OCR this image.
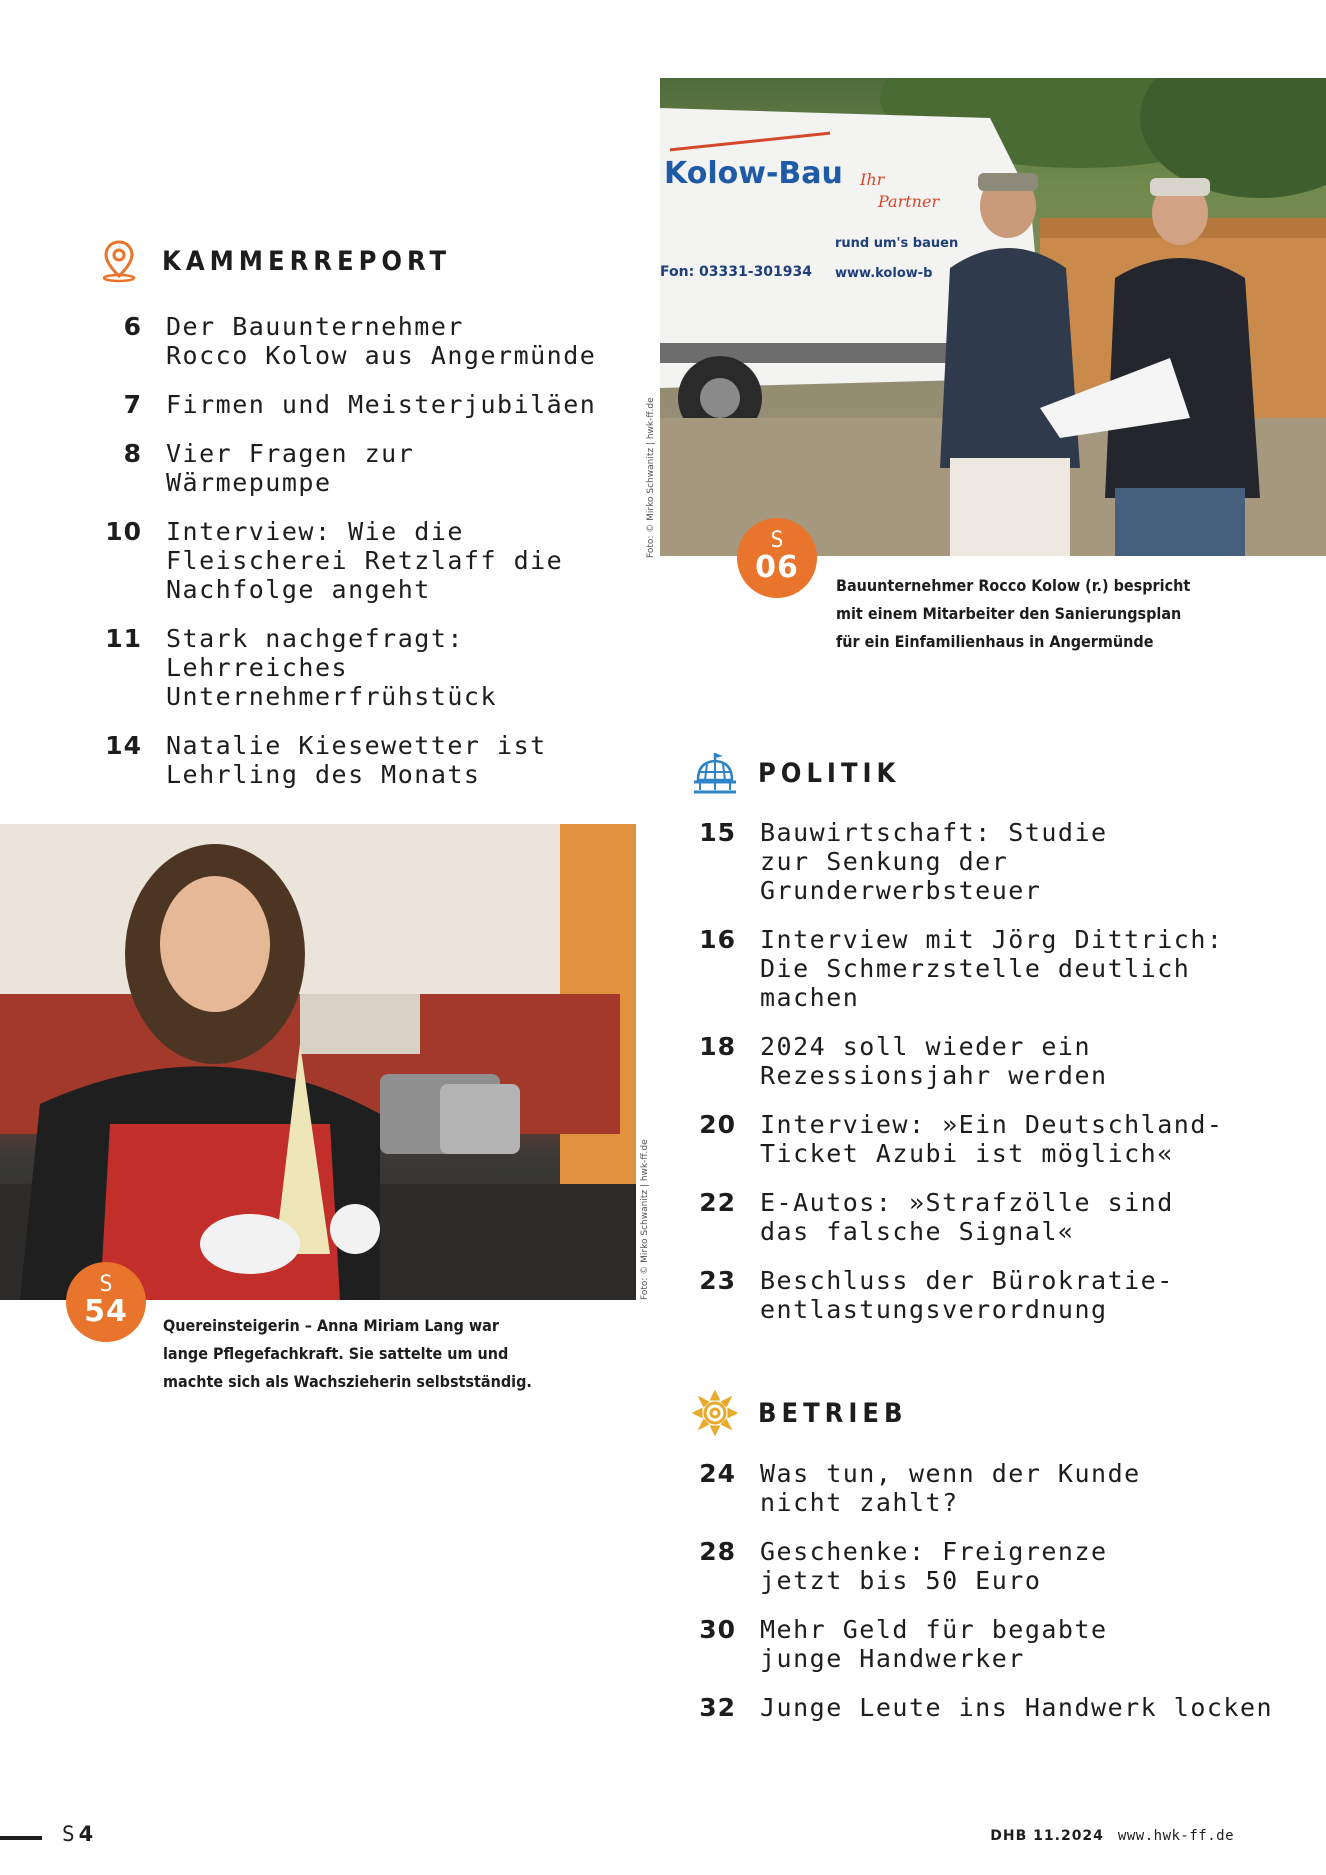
KAMMERREPORT
6 Der Bauunternehmer
Rocco Kolow aus Angermünde
7 Firmen und Meisterjubiläen
8 Vier Fragen zur
Wärmepumpe
10 Interview: Wie die
Fleischerei Retzlaff die
Nachfolge angeht
11 Stark nachgefragt: Lehrreiches
Unternehmerfrühstück
14 Natalie Kiesewetter ist
Lehrling des Monats
Kolow-Bau Ihr
Partner
rund um's bauen
Fon: 03331-301934 www.kolow-b
Foto: © Mirko Schwanitz | hwk-ff.de	S
06
Bauunternehmer Rocco Kolow (r.) bespricht
mit einem Mitarbeiter den Sanierungsplan
für ein Einfamilienhaus in Angermünde
POLITIK
15 Bauwirtschaft: Studie
zur Senkung der
Grunderwerbsteuer
16 Interview mit Jörg Dittrich:
Die Schmerzstelle deutlich
machen
18 2024 soll wieder ein
Rezessionsjahr werden
20 Interview: »Ein Deutschland-
Ticket Azubi ist möglich«
22 E-Autos: »Strafzölle sind
das falsche Signal«
23 Beschluss der Bürokratie-
entlastungsverordnung
Foto: © Mirko Schwanitz | hwk-ff.de
S
54	Quereinsteigerin – Anna Miriam Lang war
lange Pflegefachkraft. Sie sattelte um und
machte sich als Wachszieherin selbstständig.
BETRIEB
24 Was tun, wenn der Kunde
nicht zahlt?
28 Geschenke: Freigrenze
jetzt bis 50 Euro
30 Mehr Geld für begabte
junge Handwerker
32 Junge Leute ins Handwerk locken
S 4	DHB 11.2024 www.hwk-ff.de
